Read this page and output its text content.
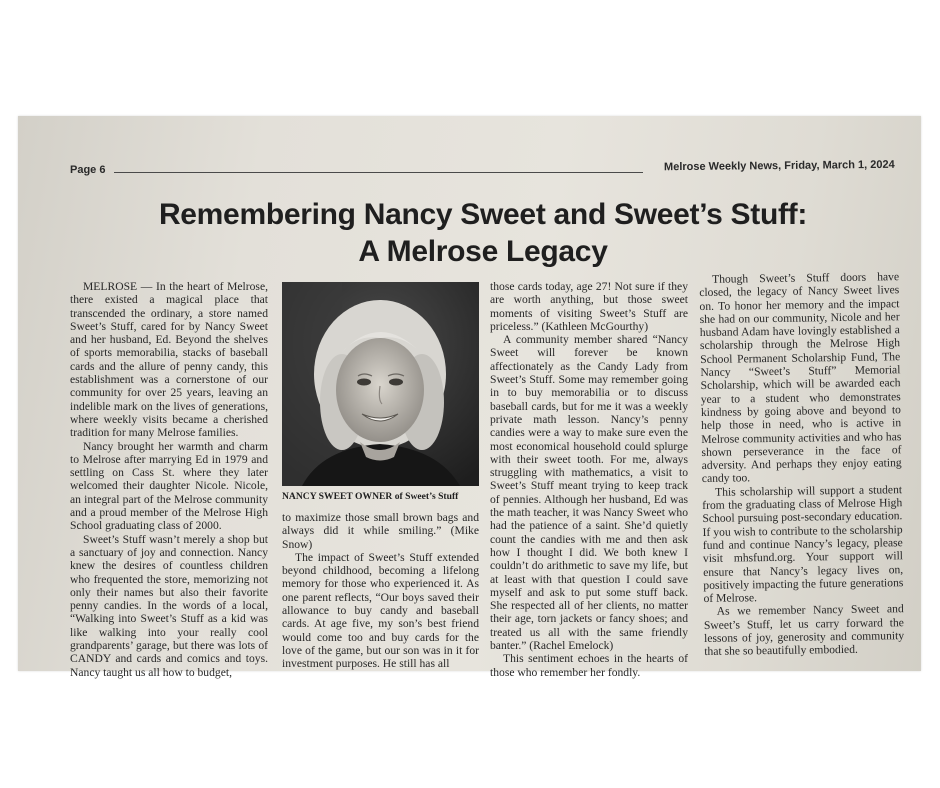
Page 6	Melrose Weekly News, Friday, March 1, 2024
Remembering Nancy Sweet and Sweet’s Stuff:
A Melrose Legacy

MELROSE — In the heart of Melrose, there existed a magical place that transcended the ordinary, a store named Sweet’s Stuff, cared for by Nancy Sweet and her husband, Ed. Beyond the shelves of sports memorabilia, stacks of baseball cards and the allure of penny candy, this establishment was a cornerstone of our community for over 25 years, leaving an indelible mark on the lives of generations, where weekly visits became a cherished tradition for many Melrose families.

Nancy brought her warmth and charm to Melrose after marrying Ed in 1979 and settling on Cass St. where they later welcomed their daughter Nicole. Nicole, an integral part of the Melrose community and a proud member of the Melrose High School graduating class of 2000.

Sweet’s Stuff wasn’t merely a shop but a sanctuary of joy and connection. Nancy knew the desires of countless children who frequented the store, memorizing not only their names but also their favorite penny candies. In the words of a local, “Walking into Sweet’s Stuff as a kid was like walking into your really cool grandparents’ garage, but there was lots of CANDY and cards and comics and toys. Nancy taught us all how to budget,

NANCY SWEET OWNER of Sweet’s Stuff

to maximize those small brown bags and always did it while smiling.” (Mike Snow)

The impact of Sweet’s Stuff extended beyond childhood, becoming a lifelong memory for those who experienced it. As one parent reflects, “Our boys saved their allowance to buy candy and baseball cards. At age five, my son’s best friend would come too and buy cards for the love of the game, but our son was in it for investment purposes. He still has all

those cards today, age 27! Not sure if they are worth anything, but those sweet moments of visiting Sweet’s Stuff are priceless.” (Kathleen McGourthy)

A community member shared “Nancy Sweet will forever be known affectionately as the Candy Lady from Sweet’s Stuff. Some may remember going in to buy memorabilia or to discuss baseball cards, but for me it was a weekly private math lesson. Nancy’s penny candies were a way to make sure even the most economical household could splurge with their sweet tooth. For me, always struggling with mathematics, a visit to Sweet’s Stuff meant trying to keep track of pennies. Although her husband, Ed was the math teacher, it was Nancy Sweet who had the patience of a saint. She’d quietly count the candies with me and then ask how I thought I did. We both knew I couldn’t do arithmetic to save my life, but at least with that question I could save myself and ask to put some stuff back. She respected all of her clients, no matter their age, torn jackets or fancy shoes; and treated us all with the same friendly banter.” (Rachel Emelock)

This sentiment echoes in the hearts of those who remember her fondly.

Though Sweet’s Stuff doors have closed, the legacy of Nancy Sweet lives on. To honor her memory and the impact she had on our community, Nicole and her husband Adam have lovingly established a scholarship through the Melrose High School Permanent Scholarship Fund, The Nancy “Sweet’s Stuff” Memorial Scholarship, which will be awarded each year to a student who demonstrates kindness by going above and beyond to help those in need, who is active in Melrose community activities and who has shown perseverance in the face of adversity. And perhaps they enjoy eating candy too.

This scholarship will support a student from the graduating class of Melrose High School pursuing post-secondary education. If you wish to contribute to the scholarship fund and continue Nancy’s legacy, please visit mhsfund.org. Your support will ensure that Nancy’s legacy lives on, positively impacting the future generations of Melrose.

As we remember Nancy Sweet and Sweet’s Stuff, let us carry forward the lessons of joy, generosity and community that she so beautifully embodied.
